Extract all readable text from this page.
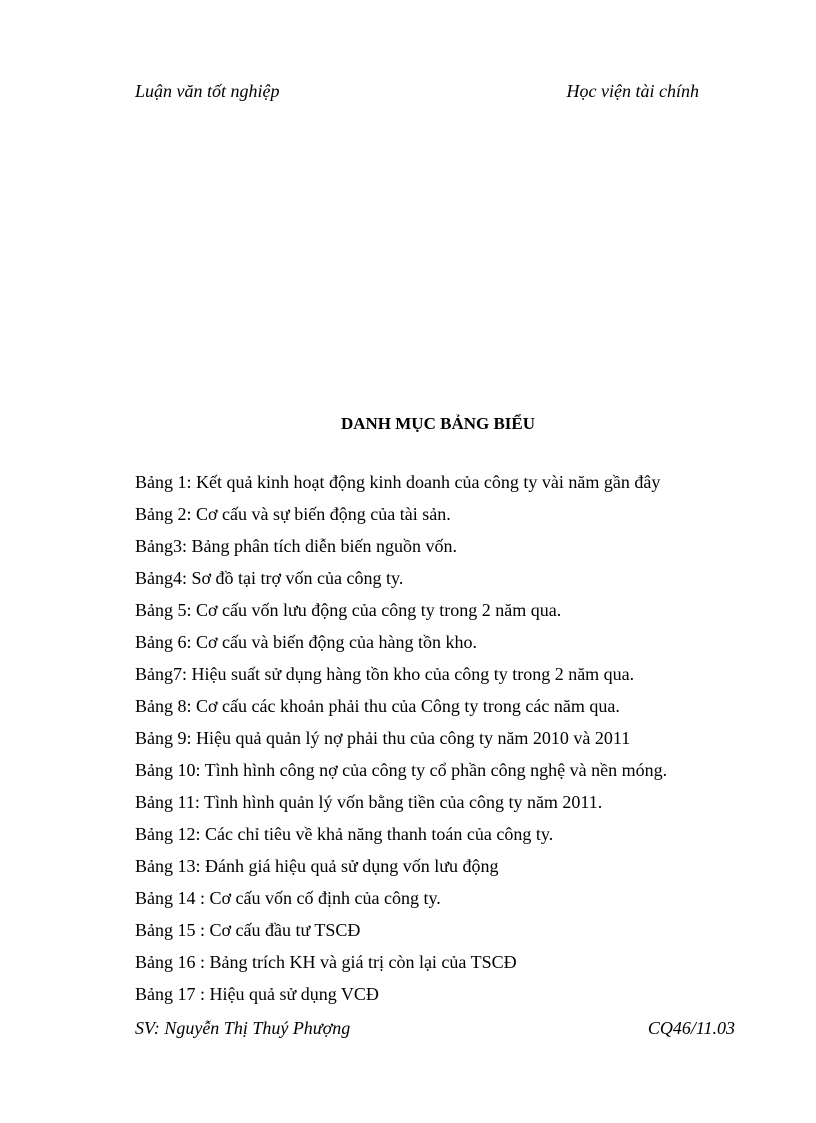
Luận văn tốt nghiệp	Học viện tài chính
DANH MỤC BẢNG BIỂU
Bảng 1: Kết quả kinh hoạt động kinh doanh của công ty vài năm gần đây
Bảng 2: Cơ cấu và sự biến động của tài sản.
Bảng3: Bảng phân tích diễn biến nguồn vốn.
Bảng4: Sơ đồ tại trợ vốn của công ty.
Bảng 5: Cơ cấu vốn lưu động của công ty trong 2 năm qua.
Bảng 6: Cơ cấu và biến động của hàng tồn kho.
Bảng7: Hiệu suất sử dụng hàng tồn kho của công ty trong 2 năm qua.
Bảng 8: Cơ cấu các khoản phải thu của Công ty trong các năm qua.
Bảng 9: Hiệu quả quản lý nợ phải thu của công ty năm 2010 và 2011
Bảng 10: Tình hình công nợ của công ty cổ phần công nghệ và nền móng.
Bảng 11: Tình hình quản lý vốn bằng tiền của công ty năm 2011.
Bảng 12: Các chỉ tiêu về khả năng thanh toán của công ty.
Bảng 13: Đánh giá hiệu quả sử dụng vốn lưu động
Bảng 14 : Cơ cấu vốn cố định của công ty.
Bảng 15 : Cơ cấu đầu tư TSCĐ
Bảng 16 : Bảng trích KH và giá trị còn lại của TSCĐ
Bảng 17 : Hiệu quả sử dụng VCĐ
SV: Nguyễn Thị Thuý Phượng	CQ46/11.03
